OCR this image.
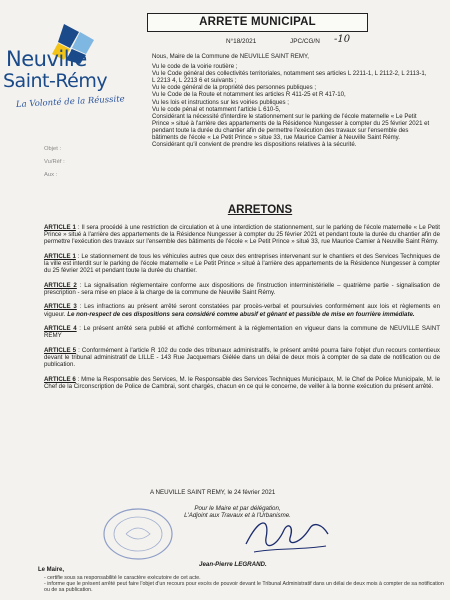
Neuville
Saint-Rémy
La Volonté de la Réussite
ARRETE MUNICIPAL
N°18/2021	JPC/CG/N -10
Objet :
Vu/Réf :
Aux :

Nous, Maire de la Commune de NEUVILLE SAINT REMY,

Vu le code de la voirie routière ;

Vu le Code général des collectivités territoriales, notamment ses articles L 2211-1, L 2112-2, L 2113-1, L 2213 4, L 2213 6 et suivants ;

Vu le code général de la propriété des personnes publiques ;

Vu le Code de la Route et notamment les articles R 411-25 et R 417-10,

Vu les lois et instructions sur les voiries publiques ;

Vu le code pénal et notamment l'article L 610-5,

Considérant la nécessité d'interdire le stationnement sur le parking de l'école maternelle « Le Petit Prince » situé à l'arrière des appartements de la Résidence Nungesser à compter du 25 février 2021 et pendant toute la durée du chantier afin de permettre l'exécution des travaux sur l'ensemble des bâtiments de l'école « Le Petit Prince » situe 33, rue Maurice Camier à Neuville Saint Rémy.

Considérant qu'il convient de prendre les dispositions relatives à la sécurité.

ARRETONS

ARTICLE 1 : Il sera procédé à une restriction de circulation et à une interdiction de stationnement, sur le parking de l'école maternelle « Le Petit Prince » situé à l'arrière des appartements de la Résidence Nungesser à compter du 25 février 2021 et pendant toute la durée du chantier afin de permettre l'exécution des travaux sur l'ensemble des bâtiments de l'école « Le Petit Prince » situé 33, rue Maurice Camier à Neuville Saint Rémy.

ARTICLE 1 : Le stationnement de tous les véhicules autres que ceux des entreprises intervenant sur le chantiers et des Services Techniques de la ville est interdit sur le parking de l'école maternelle « Le Petit Prince » situé à l'arrière des appartements de la Résidence Nungesser à compter du 25 février 2021 et pendant toute la durée du chantier.

ARTICLE 2 : La signalisation réglementaire conforme aux dispositions de l'instruction interministérielle – quatrième partie - signalisation de prescription - sera mise en place à la charge de la commune de Neuville Saint Rémy.

ARTICLE 3 : Les infractions au présent arrêté seront constatées par procès-verbal et poursuivies conformément aux lois et règlements en vigueur. Le non-respect de ces dispositions sera considéré comme abusif et gênant et passible de mise en fourrière immédiate.

ARTICLE 4 : Le présent arrêté sera publié et affiché conformément à la réglementation en vigueur dans la commune de NEUVILLE SAINT REMY

ARTICLE 5 : Conformément à l'article R 102 du code des tribunaux administratifs, le présent arrêté pourra faire l'objet d'un recours contentieux devant le tribunal administratif de LILLE - 143 Rue Jacquemars Giélée dans un délai de deux mois à compter de sa date de notification ou de publication.

ARTICLE 6 : Mme la Responsable des Services, M. le Responsable des Services Techniques Municipaux, M. le Chef de Police Municipale, M. le Chef de la Circonscription de Police de Cambrai, sont chargés, chacun en ce qui le concerne, de veiller à la bonne exécution du présent arrêté.

A NEUVILLE SAINT REMY, le 24 février 2021
Pour le Maire et par délégation,
L'Adjoint aux Travaux et à l'Urbanisme.
Jean-Pierre LEGRAND.
Le Maire,

- certifie sous sa responsabilité le caractère exécutoire de cet acte.

- informe que le présent arrêté peut faire l'objet d'un recours pour excès de pouvoir devant le Tribunal Administratif dans un délai de deux mois à compter de sa notification ou de sa publication.
